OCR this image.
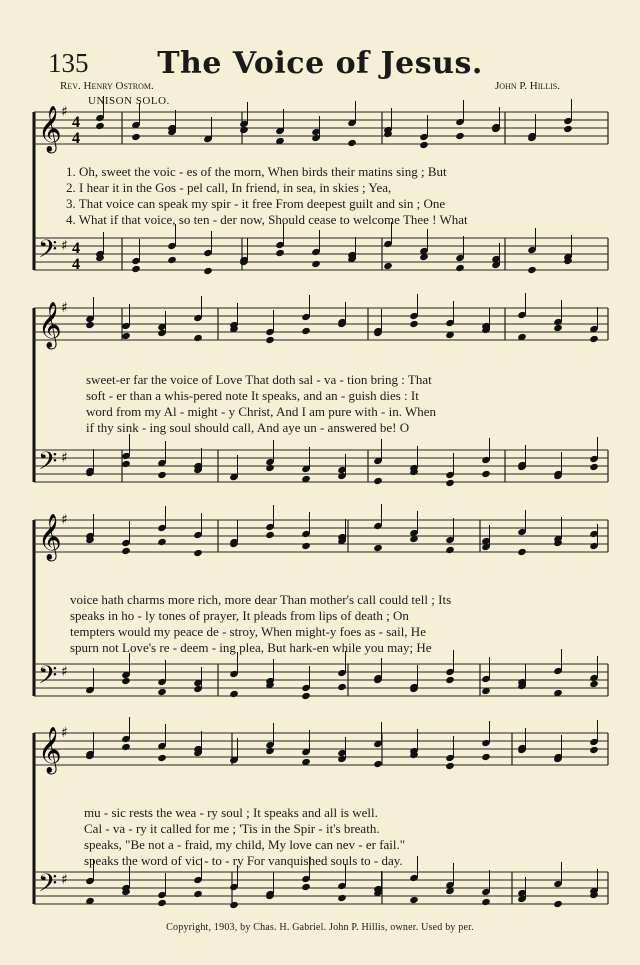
135	The Voice of Jesus.
Rev. Henry Ostrom.	John P. Hillis.
UNISON SOLO.
𝄞 ♯
4
4
𝄢 ♯ 4
4
𝄞 ♯
𝄢 ♯
𝄞 ♯
𝄢 ♯
𝄞 ♯
𝄢 ♯
1. Oh, sweet the voic - es of the morn, When birds their matins sing ; But
2. I hear it in the Gos - pel call, In friend, in sea, in skies ; Yea,
3. That voice can speak my spir - it free From deepest guilt and sin ; One
4. What if that voice, so ten - der now, Should cease to welcome Thee ! What
sweet-er far the voice of Love That doth sal - va - tion bring : That
soft - er than a whis-pered note It speaks, and an - guish dies : It
word from my Al - might - y Christ, And I am pure with - in. When
if thy sink - ing soul should call, And aye un - answered be! O
voice hath charms more rich, more dear Than mother's call could tell ; Its
speaks in ho - ly tones of prayer, It pleads from lips of death ; On
tempters would my peace de - stroy, When might-y foes as - sail, He
spurn not Love's re - deem - ing plea, But hark-en while you may; He
mu - sic rests the wea - ry soul ; It speaks and all is well.
Cal - va - ry it called for me ; 'Tis in the Spir - it's breath.
speaks, "Be not a - fraid, my child, My love can nev - er fail."
speaks the word of vic - to - ry For vanquished souls to - day.
Copyright, 1903, by Chas. H. Gabriel. John P. Hillis, owner. Used by per.
